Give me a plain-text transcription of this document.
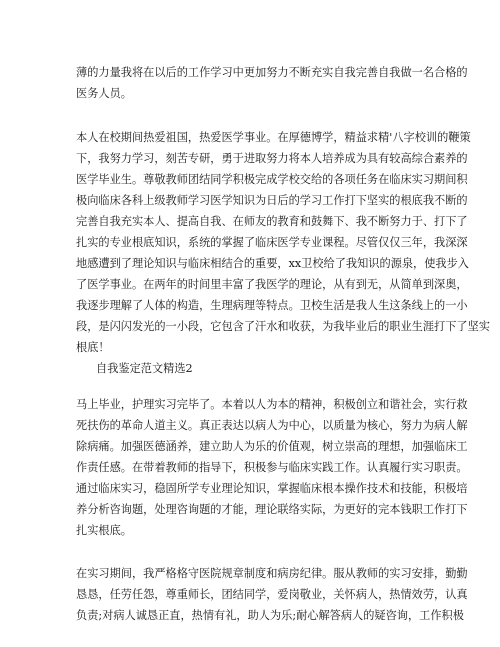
薄的力量我将在以后的工作学习中更加努力不断充实自我完善自我做一名合格的
医务人员。
本人在校期间热爱祖国，热爱医学事业。在厚德博学，精益求精'八字校训的鞭策
下，我努力学习，刻苦专研，勇于进取努力将本人培养成为具有较高综合素养的
医学毕业生。尊敬教师团结同学积极完成学校交给的各项任务在临床实习期间积
极向临床各科上级教师学习医学知识为日后的学习工作打下坚实的根底我不断的
完善自我充实本人、提高自我、在师友的教育和鼓舞下、我不断努力于、打下了
扎实的专业根底知识，系统的掌握了临床医学专业课程。尽管仅仅三年，我深深
地感遭到了理论知识与临床相结合的重要，xx卫校给了我知识的源泉，使我步入
了医学事业。在两年的时间里丰富了我医学的理论，从有到无，从简单到深奥，
我逐步理解了人体的构造，生理病理等特点。卫校生活是我人生这条线上的一小
段，是闪闪发光的一小段，它包含了汗水和收获，为我毕业后的职业生涯打下了坚实
根底！
自我鉴定范文精选2
马上毕业，护理实习完毕了。本着以人为本的精神，积极创立和谐社会，实行救
死扶伤的革命人道主义。真正表达以病人为中心，以质量为核心，努力为病人解
除病痛。加强医德涵养，建立助人为乐的价值观，树立崇高的理想，加强临床工
作责任感。在带着教师的指导下，积极参与临床实践工作。认真履行实习职责。
通过临床实习，稳固所学专业理论知识，掌握临床根本操作技术和技能，积极培
养分析咨询题，处理咨询题的才能，理论联络实际，为更好的完本钱职工作打下
扎实根底。
在实习期间，我严格格守医院规章制度和病房纪律。服从教师的实习安排，勤勤
恳恳，任劳任怨，尊重师长，团结同学，爱岗敬业，关怀病人，热情效劳，认真
负责;对病人诚恳正直，热情有礼，助人为乐;耐心解答病人的疑咨询，工作积极
